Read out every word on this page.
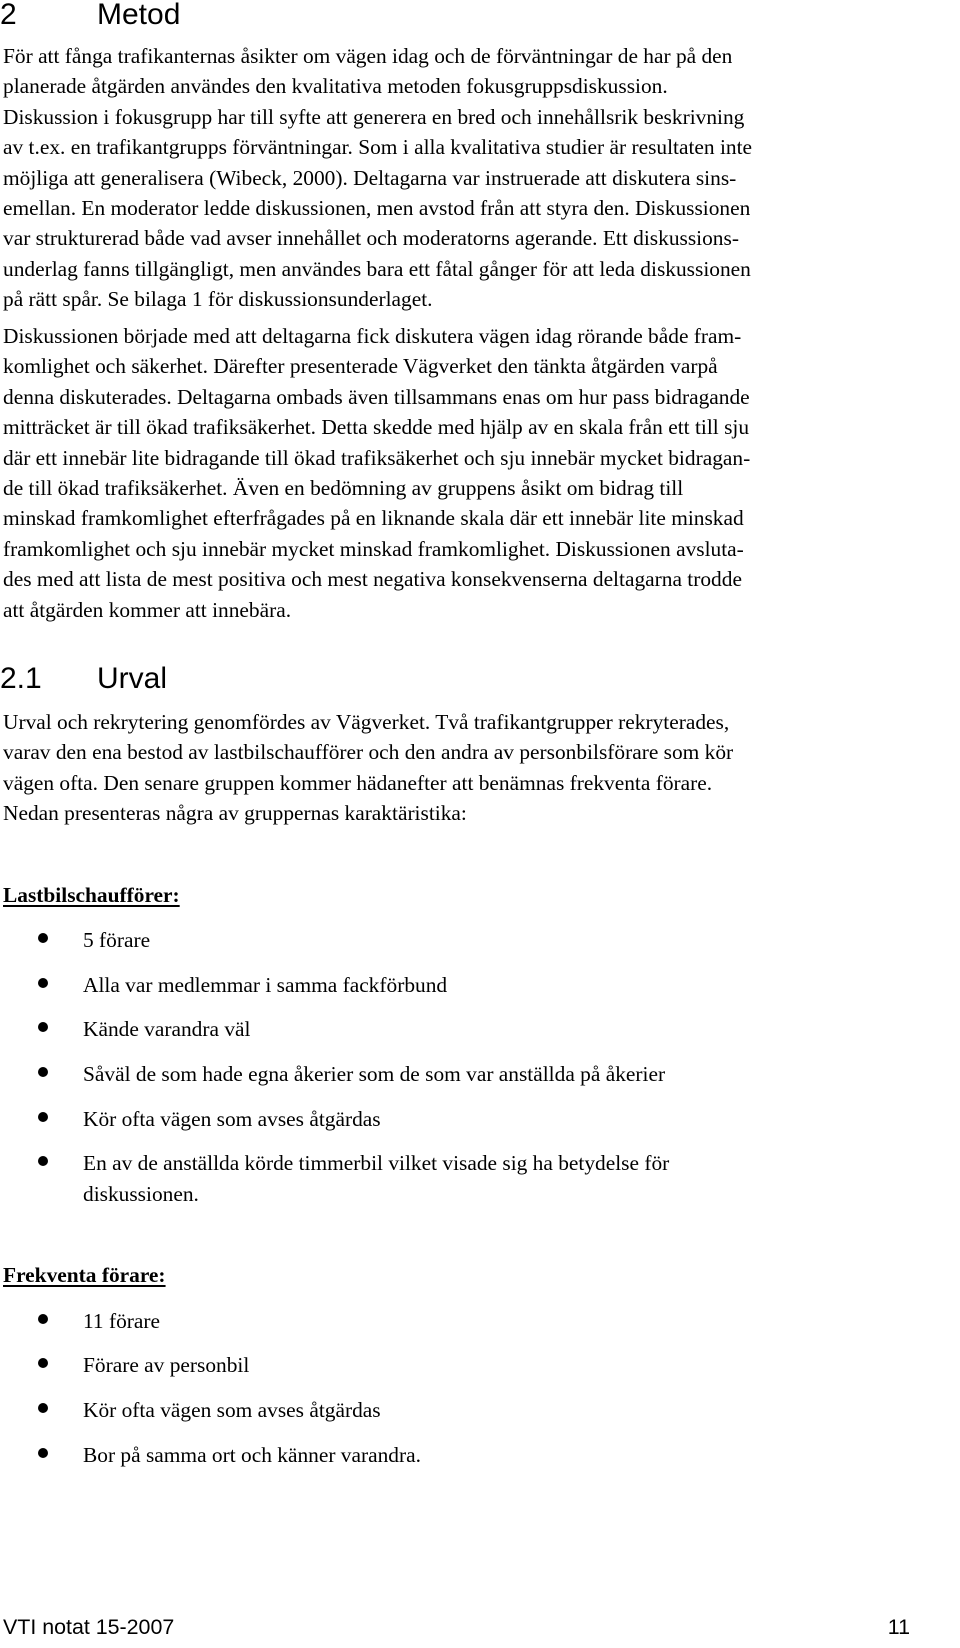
2	Metod
För att fånga trafikanternas åsikter om vägen idag och de förväntningar de har på den
planerade åtgärden användes den kvalitativa metoden fokusgruppsdiskussion.
Diskussion i fokusgrupp har till syfte att generera en bred och innehållsrik beskrivning
av t.ex. en trafikantgrupps förväntningar. Som i alla kvalitativa studier är resultaten inte
möjliga att generalisera (Wibeck, 2000). Deltagarna var instruerade att diskutera sins-
emellan. En moderator ledde diskussionen, men avstod från att styra den. Diskussionen
var strukturerad både vad avser innehållet och moderatorns agerande. Ett diskussions-
underlag fanns tillgängligt, men användes bara ett fåtal gånger för att leda diskussionen
på rätt spår. Se bilaga 1 för diskussionsunderlaget.
Diskussionen började med att deltagarna fick diskutera vägen idag rörande både fram-
komlighet och säkerhet. Därefter presenterade Vägverket den tänkta åtgärden varpå
denna diskuterades. Deltagarna ombads även tillsammans enas om hur pass bidragande
mitträcket är till ökad trafiksäkerhet. Detta skedde med hjälp av en skala från ett till sju
där ett innebär lite bidragande till ökad trafiksäkerhet och sju innebär mycket bidragan-
de till ökad trafiksäkerhet. Även en bedömning av gruppens åsikt om bidrag till
minskad framkomlighet efterfrågades på en liknande skala där ett innebär lite minskad
framkomlighet och sju innebär mycket minskad framkomlighet. Diskussionen avsluta-
des med att lista de mest positiva och mest negativa konsekvenserna deltagarna trodde
att åtgärden kommer att innebära.
2.1 Urval
Urval och rekrytering genomfördes av Vägverket. Två trafikantgrupper rekryterades,
varav den ena bestod av lastbilschaufförer och den andra av personbilsförare som kör
vägen ofta. Den senare gruppen kommer hädanefter att benämnas frekventa förare.
Nedan presenteras några av gruppernas karaktäristika:
Lastbilschaufförer:
5 förare
Alla var medlemmar i samma fackförbund
Kände varandra väl
Såväl de som hade egna åkerier som de som var anställda på åkerier
Kör ofta vägen som avses åtgärdas
En av de anställda körde timmerbil vilket visade sig ha betydelse för
diskussionen.
Frekventa förare:
11 förare
Förare av personbil
Kör ofta vägen som avses åtgärdas
Bor på samma ort och känner varandra.
VTI notat 15-2007	11
